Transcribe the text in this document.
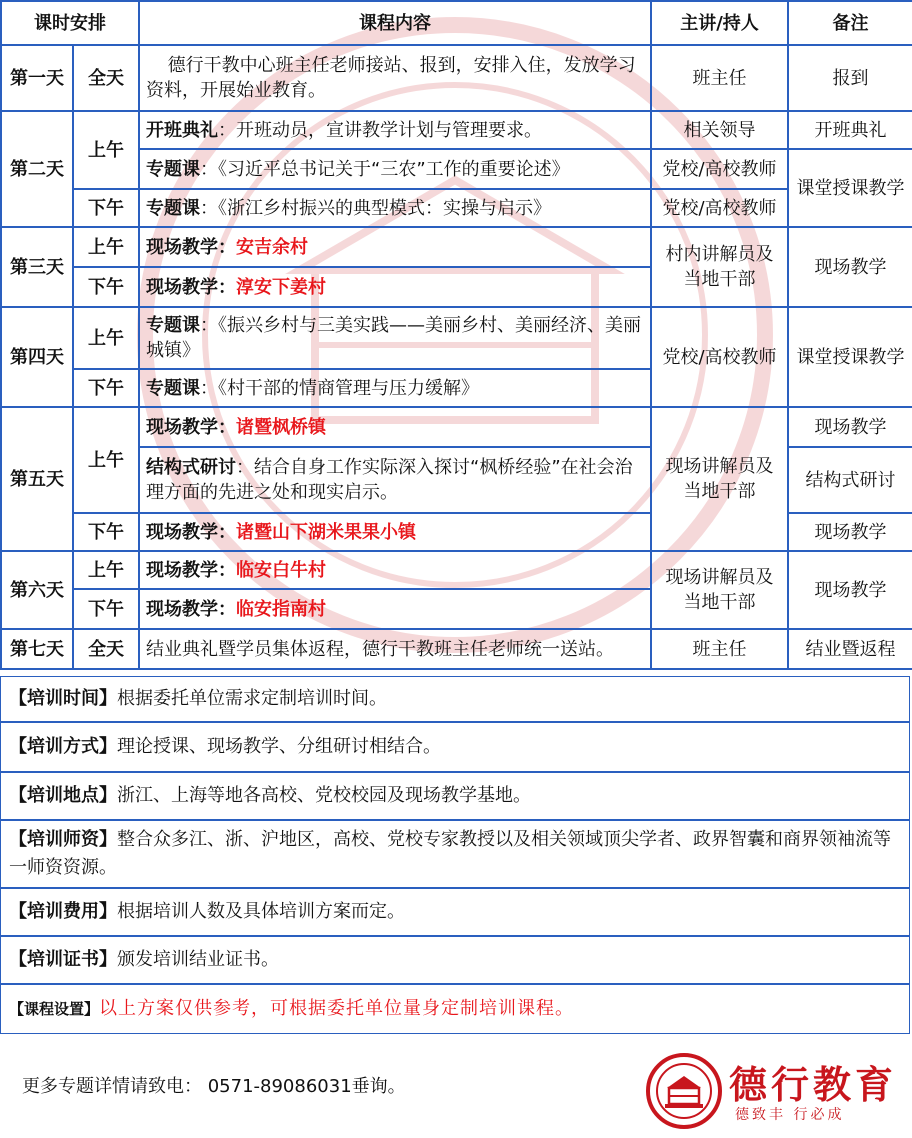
课时安排		课程内容	主讲/持人	备注
第一天	全天	德行干教中心班主任老师接站、报到，安排入住，发放学习资料，开展始业教育。	班主任	报到
第二天	上午	开班典礼：开班动员，宣讲教学计划与管理要求。	相关领导	开班典礼
		专题课：《习近平总书记关于“三农”工作的重要论述》	党校/高校教师	课堂授课教学
	下午	专题课：《浙江乡村振兴的典型模式：实操与启示》	党校/高校教师	
第三天	上午	现场教学：安吉余村	村内讲解员及当地干部	现场教学
	下午	现场教学：淳安下姜村		
第四天	上午	专题课：《振兴乡村与三美实践——美丽乡村、美丽经济、美丽城镇》	党校/高校教师	课堂授课教学
	下午	专题课：《村干部的情商管理与压力缓解》		
第五天	上午	现场教学：诸暨枫桥镇	现场讲解员及当地干部	现场教学
		结构式研讨：结合自身工作实际深入探讨“枫桥经验”在社会治理方面的先进之处和现实启示。		结构式研讨
	下午	现场教学：诸暨山下湖米果果小镇		现场教学
第六天	上午	现场教学：临安白牛村	现场讲解员及当地干部	现场教学
	下午	现场教学：临安指南村		
第七天	全天	结业典礼暨学员集体返程，德行干教班主任老师统一送站。	班主任	结业暨返程
【培训时间】根据委托单位需求定制培训时间。
【培训方式】理论授课、现场教学、分组研讨相结合。
【培训地点】浙江、上海等地各高校、党校校园及现场教学基地。
【培训师资】整合众多江、浙、沪地区，高校、党校专家教授以及相关领域顶尖学者、政界智囊和商界领袖流等一师资资源。
【培训费用】根据培训人数及具体培训方案而定。
【培训证书】颁发培训结业证书。
【课程设置】以上方案仅供参考，可根据委托单位量身定制培训课程。
更多专题详情请致电： 0571-89086031垂询。	德行教育
德致丰 行必成
